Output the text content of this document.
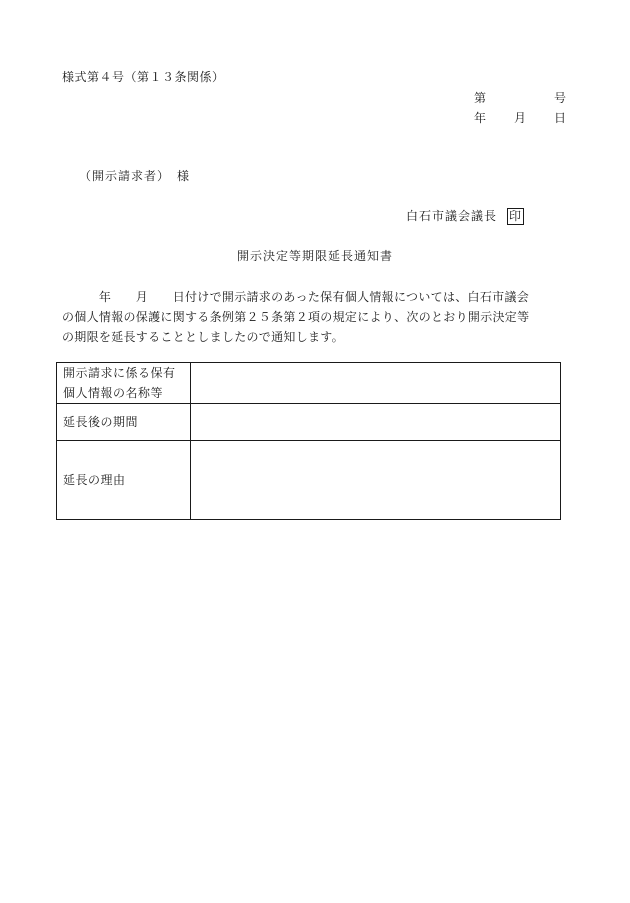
様式第４号（第１３条関係）
第	号
年 月 日
（開示請求者）　様
白石市議会議長 印
開示決定等期限延長通知書
　　　年　　月　　日付けで開示請求のあった保有個人情報については、白石市議会
の個人情報の保護に関する条例第２５条第２項の規定により、次のとおり開示決定等
の期限を延長することとしましたので通知します。
開示請求に係る保有
個人情報の名称等	
延長後の期間	
延長の理由	
